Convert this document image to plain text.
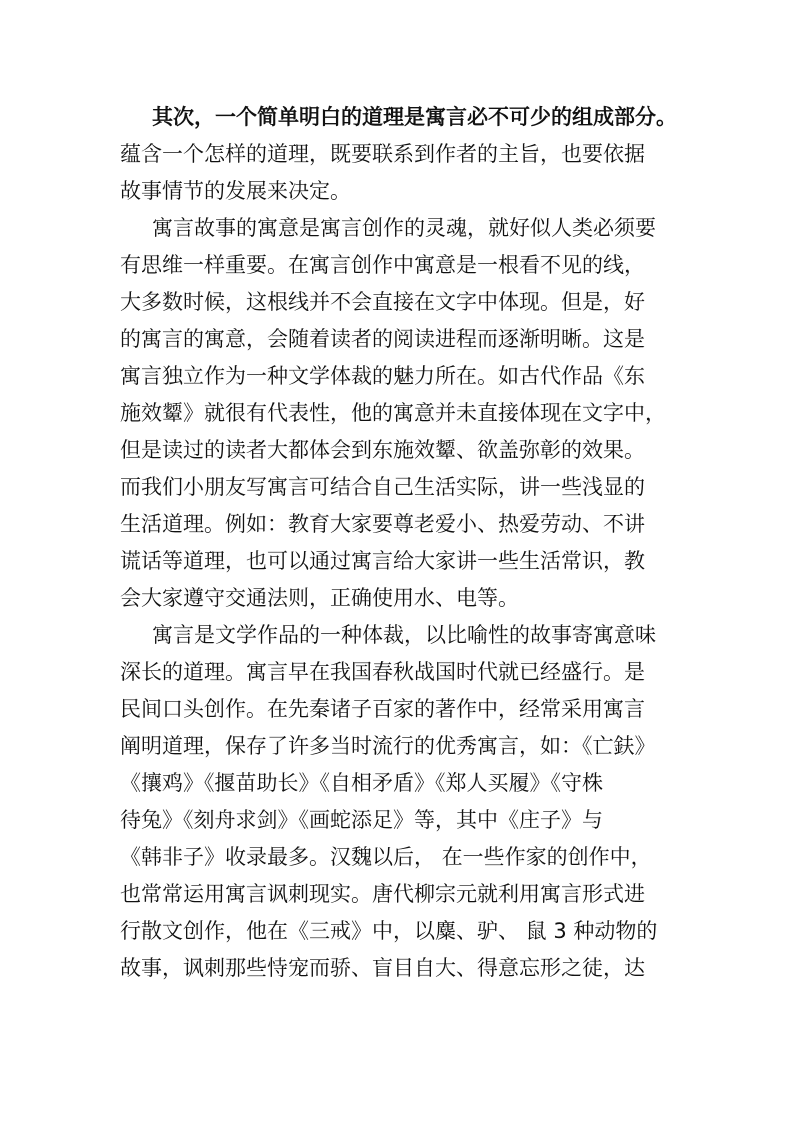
其次，一个简单明白的道理是寓言必不可少的组成部分。
蕴含一个怎样的道理，既要联系到作者的主旨，也要依据
故事情节的发展来决定。
寓言故事的寓意是寓言创作的灵魂，就好似人类必须要
有思维一样重要。在寓言创作中寓意是一根看不见的线，
大多数时候，这根线并不会直接在文字中体现。但是，好
的寓言的寓意，会随着读者的阅读进程而逐渐明晰。这是
寓言独立作为一种文学体裁的魅力所在。如古代作品《东
施效颦》就很有代表性，他的寓意并未直接体现在文字中，
但是读过的读者大都体会到东施效颦、欲盖弥彰的效果。
而我们小朋友写寓言可结合自己生活实际，讲一些浅显的
生活道理。例如：教育大家要尊老爱小、热爱劳动、不讲
谎话等道理，也可以通过寓言给大家讲一些生活常识，教
会大家遵守交通法则，正确使用水、电等。
寓言是文学作品的一种体裁，以比喻性的故事寄寓意味
深长的道理。寓言早在我国春秋战国时代就已经盛行。是
民间口头创作。在先秦诸子百家的著作中，经常采用寓言
阐明道理，保存了许多当时流行的优秀寓言，如：《亡鈇》
《攘鸡》《揠苗助长》《自相矛盾》《郑人买履》《守株
待兔》《刻舟求剑》《画蛇添足》等，其中《庄子》与
《韩非子》收录最多。汉魏以后， 在一些作家的创作中，
也常常运用寓言讽刺现实。唐代柳宗元就利用寓言形式进
行散文创作，他在《三戒》中，以麋、驴、 鼠 3 种动物的
故事，讽刺那些恃宠而骄、盲目自大、得意忘形之徒，达
